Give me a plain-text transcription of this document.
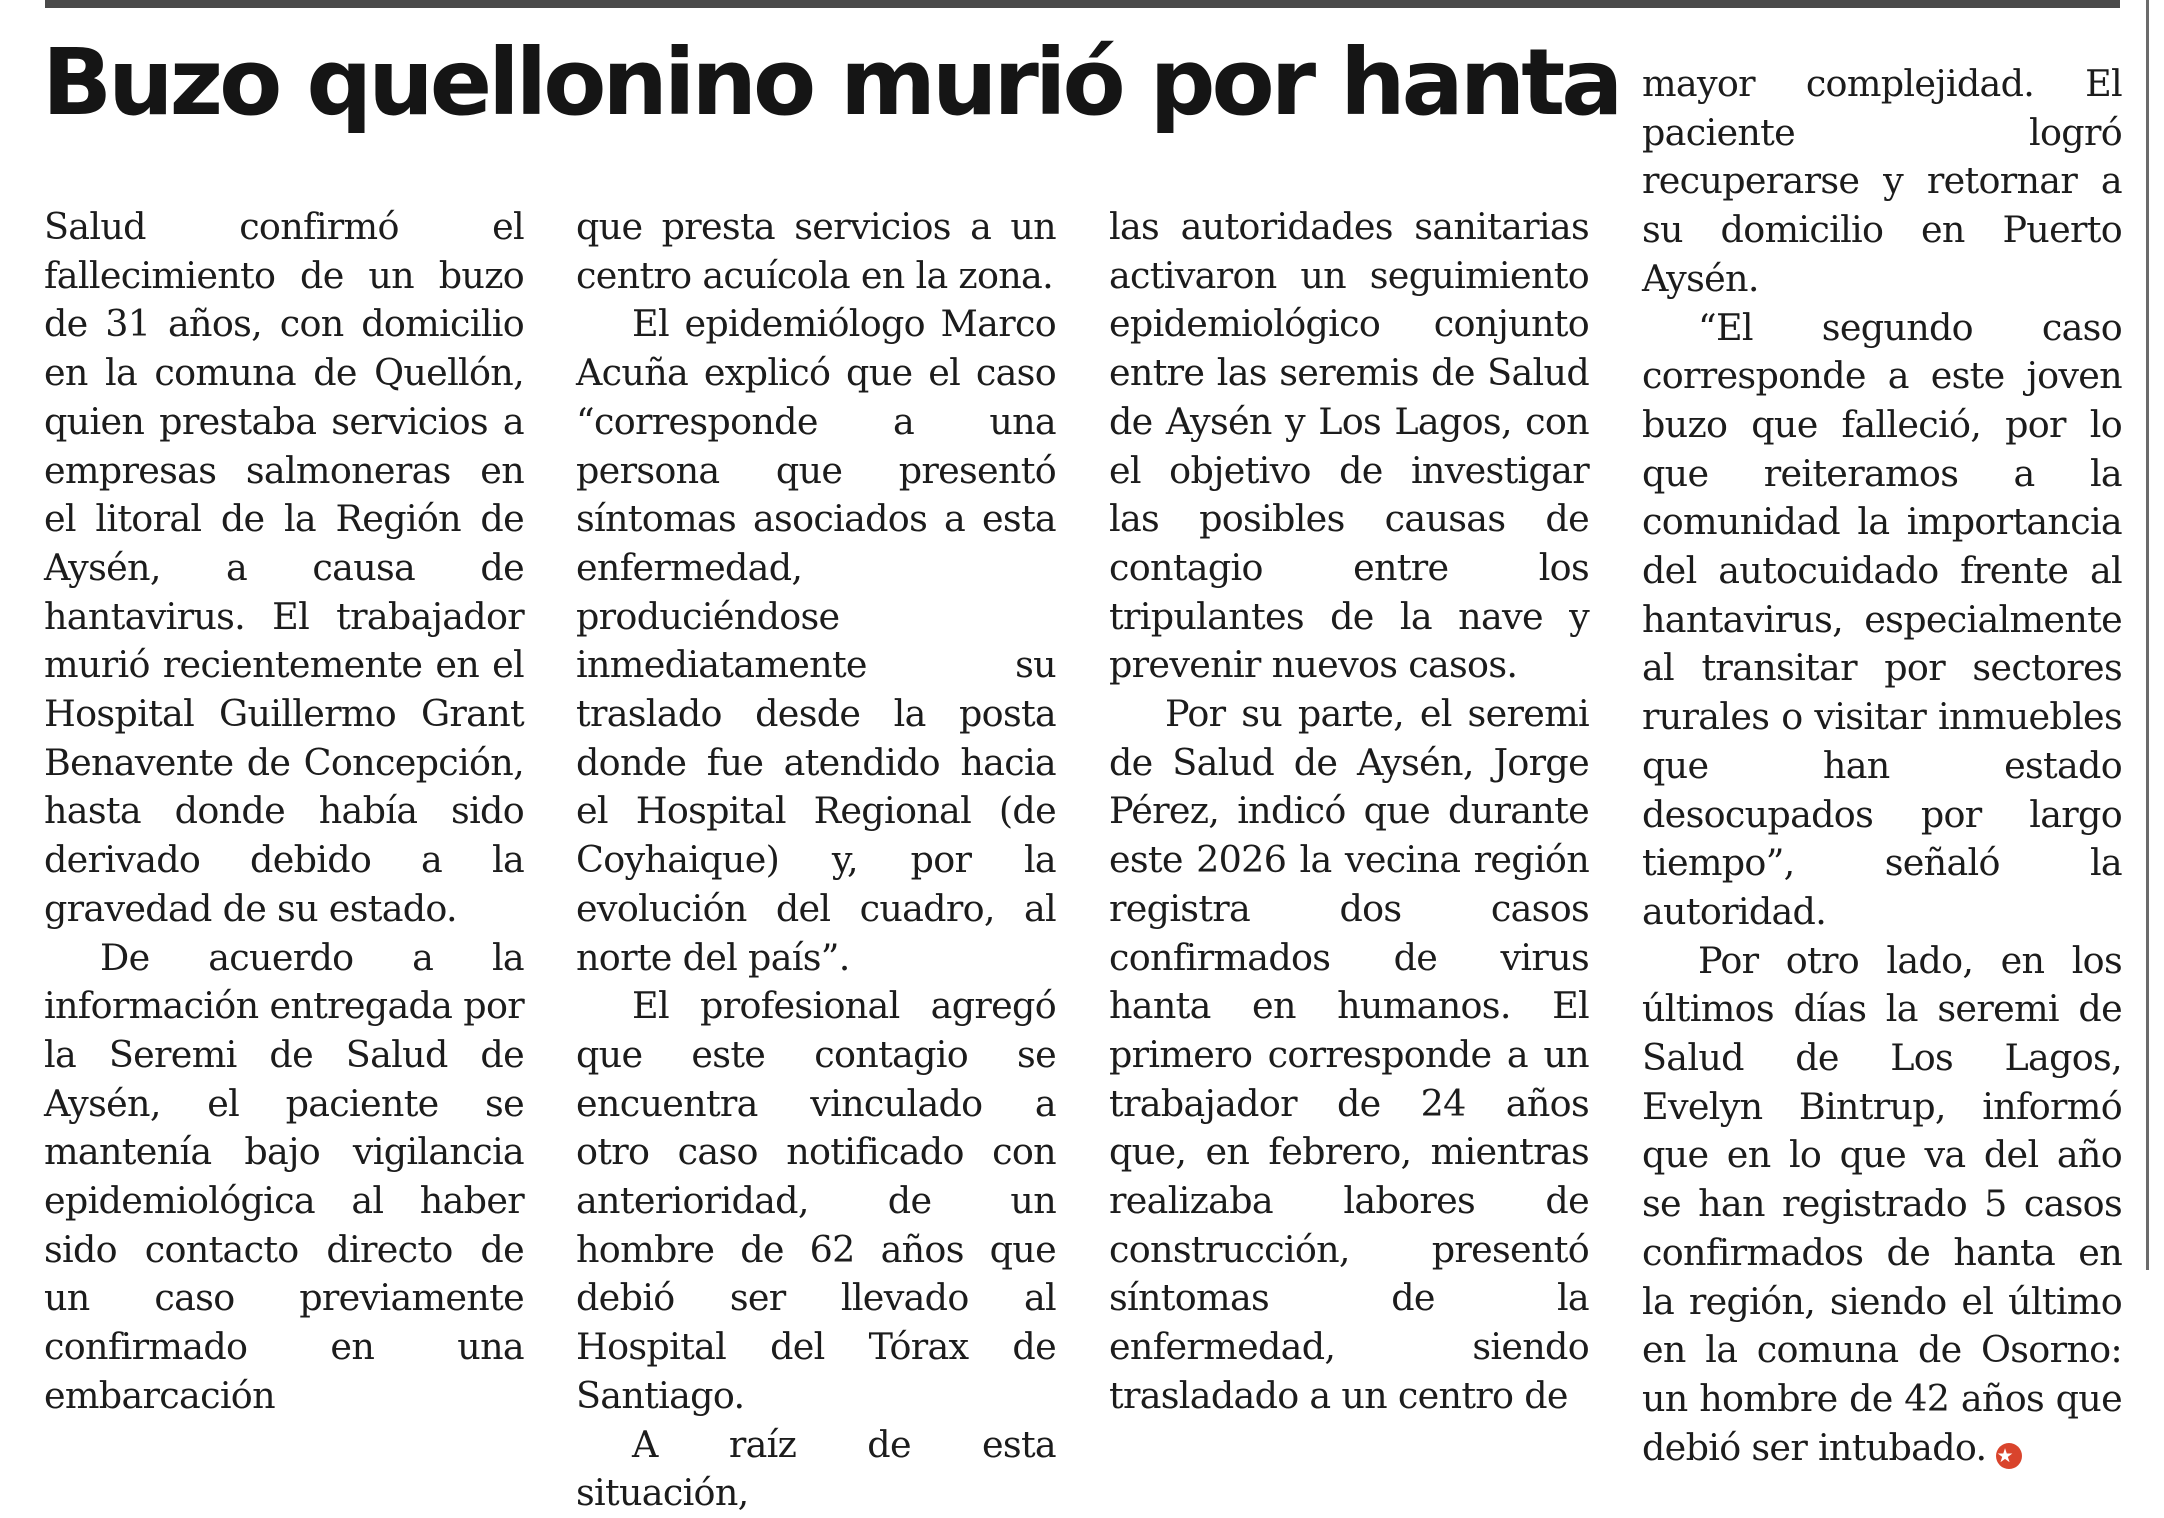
Buzo quellonino murió por hanta

Salud confirmó el fallecimiento de un buzo de 31 años, con domicilio en la comuna de Quellón, quien prestaba servicios a empresas salmoneras en el litoral de la Región de Aysén, a causa de hantavirus. El trabajador murió recientemente en el Hospital Guillermo Grant Benavente de Concepción, hasta donde había sido derivado debido a la gravedad de su estado.

De acuerdo a la información entregada por la Seremi de Salud de Aysén, el paciente se mantenía bajo vigilancia epidemiológica al haber sido contacto directo de un caso previamente confirmado en una embarcación

que presta servicios a un centro acuícola en la zona.

El epidemiólogo Marco Acuña explicó que el caso “corresponde a una persona que presentó síntomas asociados a esta enfermedad, produciéndose inmediatamente su traslado desde la posta donde fue atendido hacia el Hospital Regional (de Coyhaique) y, por la evolución del cuadro, al norte del país”.

El profesional agregó que este contagio se encuentra vinculado a otro caso notificado con anterioridad, de un hombre de 62 años que debió ser llevado al Hospital del Tórax de Santiago.

A raíz de esta situación,

las autoridades sanitarias activaron un seguimiento epidemiológico conjunto entre las seremis de Salud de Aysén y Los Lagos, con el objetivo de investigar las posibles causas de contagio entre los tripulantes de la nave y prevenir nuevos casos.

Por su parte, el seremi de Salud de Aysén, Jorge Pérez, indicó que durante este 2026 la vecina región registra dos casos confirmados de virus hanta en humanos. El primero corresponde a un trabajador de 24 años que, en febrero, mientras realizaba labores de construcción, presentó síntomas de la enfermedad, siendo trasladado a un centro de

mayor complejidad. El paciente logró recuperarse y retornar a su domicilio en Puerto Aysén.

“El segundo caso corresponde a este joven buzo que falleció, por lo que reiteramos a la comunidad la importancia del autocuidado frente al hantavirus, especialmente al transitar por sectores rurales o visitar inmuebles que han estado desocupados por largo tiempo”, señaló la autoridad.

Por otro lado, en los últimos días la seremi de Salud de Los Lagos, Evelyn Bintrup, informó que en lo que va del año se han registrado 5 casos confirmados de hanta en la región, siendo el último en la comuna de Osorno: un hombre de 42 años que debió ser intubado. ★
